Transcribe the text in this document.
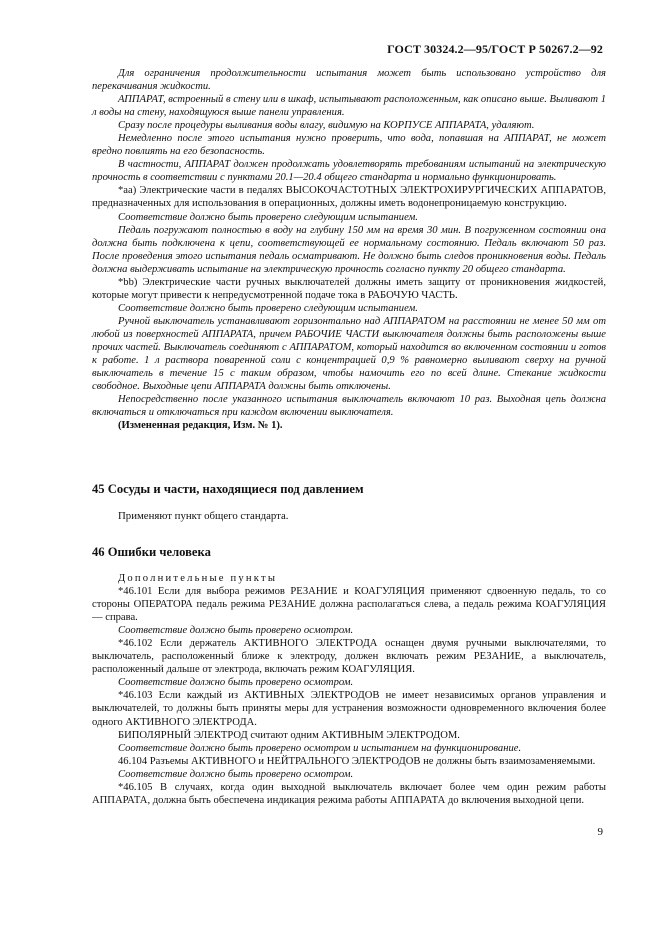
ГОСТ 30324.2—95/ГОСТ Р 50267.2—92

Для ограничения продолжительности испытания может быть использовано устройство для перекачивания жидкости.

АППАРАТ, встроенный в стену или в шкаф, испытывают расположенным, как описано выше. Выливают 1 л воды на стену, находящуюся выше панели управления.

Сразу после процедуры выливания воды влагу, видимую на КОРПУСЕ АППАРАТА, удаляют.

Немедленно после этого испытания нужно проверить, что вода, попавшая на АППАРАТ, не может вредно повлиять на его безопасность.

В частности, АППАРАТ должен продолжать удовлетворять требованиям испытаний на электрическую прочность в соответствии с пунктами 20.1—20.4 общего стандарта и нормально функционировать.

*аа) Электрические части в педалях ВЫСОКОЧАСТОТНЫХ ЭЛЕКТРОХИРУРГИЧЕСКИХ АППАРАТОВ, предназначенных для использования в операционных, должны иметь водонепроницаемую конструкцию.

Соответствие должно быть проверено следующим испытанием.

Педаль погружают полностью в воду на глубину 150 мм на время 30 мин. В погруженном состоянии она должна быть подключена к цепи, соответствующей ее нормальному состоянию. Педаль включают 50 раз. После проведения этого испытания педаль осматривают. Не должно быть следов проникновения воды. Педаль должна выдерживать испытание на электрическую прочность согласно пункту 20 общего стандарта.

*bb) Электрические части ручных выключателей должны иметь защиту от проникновения жидкостей, которые могут привести к непредусмотренной подаче тока в РАБОЧУЮ ЧАСТЬ.

Соответствие должно быть проверено следующим испытанием.

Ручной выключатель устанавливают горизонтально над АППАРАТОМ на расстоянии не менее 50 мм от любой из поверхностей АППАРАТА, причем РАБОЧИЕ ЧАСТИ выключателя должны быть расположены выше прочих частей. Выключатель соединяют с АППАРАТОМ, который находится во включенном состоянии и готов к работе. 1 л раствора поваренной соли с концентрацией 0,9 % равномерно выливают сверху на ручной выключатель в течение 15 с таким образом, чтобы намочить его по всей длине. Стекание жидкости свободное. Выходные цепи АППАРАТА должны быть отключены.

Непосредственно после указанного испытания выключатель включают 10 раз. Выходная цепь должна включаться и отключаться при каждом включении выключателя.

(Измененная редакция, Изм. № 1).

45 Сосуды и части, находящиеся под давлением
Применяют пункт общего стандарта.
46 Ошибки человека

Дополнительные пункты

*46.101 Если для выбора режимов РЕЗАНИЕ и КОАГУЛЯЦИЯ применяют сдвоенную педаль, то со стороны ОПЕРАТОРА педаль режима РЕЗАНИЕ должна располагаться слева, а педаль режима КОАГУЛЯЦИЯ — справа.

Соответствие должно быть проверено осмотром.

*46.102 Если держатель АКТИВНОГО ЭЛЕКТРОДА оснащен двумя ручными выключателями, то выключатель, расположенный ближе к электроду, должен включать режим РЕЗАНИЕ, а выключатель, расположенный дальше от электрода, включать режим КОАГУЛЯЦИЯ.

Соответствие должно быть проверено осмотром.

*46.103 Если каждый из АКТИВНЫХ ЭЛЕКТРОДОВ не имеет независимых органов управления и выключателей, то должны быть приняты меры для устранения возможности одновременного включения более одного АКТИВНОГО ЭЛЕКТРОДА.

БИПОЛЯРНЫЙ ЭЛЕКТРОД считают одним АКТИВНЫМ ЭЛЕКТРОДОМ.

Соответствие должно быть проверено осмотром и испытанием на функционирование.

46.104 Разъемы АКТИВНОГО и НЕЙТРАЛЬНОГО ЭЛЕКТРОДОВ не должны быть взаимозаменяемыми.

Соответствие должно быть проверено осмотром.

*46.105 В случаях, когда один выходной выключатель включает более чем один режим работы АППАРАТА, должна быть обеспечена индикация режима работы АППАРАТА до включения выходной цепи.

9
